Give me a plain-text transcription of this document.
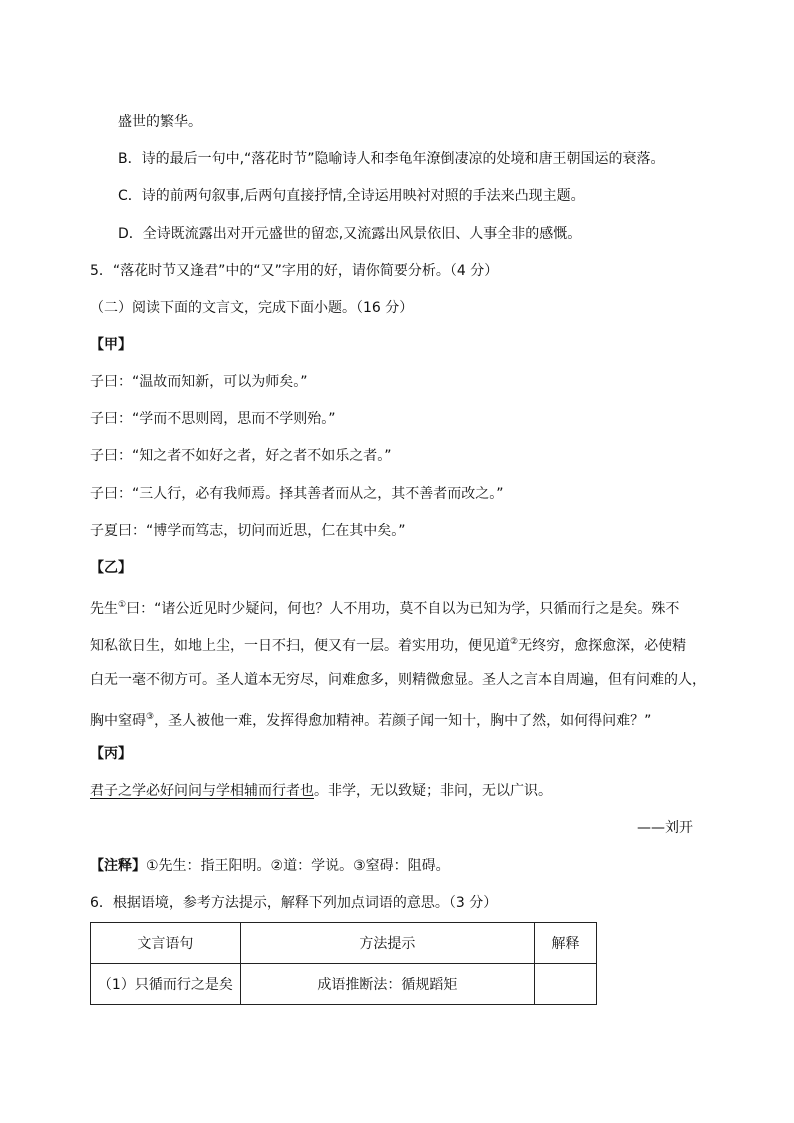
盛世的繁华。
B．诗的最后一句中,“落花时节”隐喻诗人和李龟年潦倒凄凉的处境和唐王朝国运的衰落。
C．诗的前两句叙事,后两句直接抒情,全诗运用映衬对照的手法来凸现主题。
D．全诗既流露出对开元盛世的留恋,又流露出风景依旧、人事全非的感慨。
5．“落花时节又逢君”中的“又”字用的好，请你简要分析。（4 分）
（二）阅读下面的文言文，完成下面小题。（16 分）
【甲】
子曰：“温故而知新，可以为师矣。”
子曰：“学而不思则罔，思而不学则殆。”
子曰：“知之者不如好之者，好之者不如乐之者。”
子曰：“三人行，必有我师焉。择其善者而从之，其不善者而改之。”
子夏曰：“博学而笃志，切问而近思，仁在其中矣。”
【乙】
先生①曰：“诸公近见时少疑问，何也？人不用功，莫不自以为已知为学，只循而行之是矣。殊不
知私欲日生，如地上尘，一日不扫，便又有一层。着实用功，便见道②无终穷，愈探愈深，必使精
白无一毫不彻方可。圣人道本无穷尽，问难愈多，则精微愈显。圣人之言本自周遍，但有问难的人，
胸中窒碍③，圣人被他一难，发挥得愈加精神。若颜子闻一知十，胸中了然，如何得问难？”
【丙】
君子之学必好问问与学相辅而行者也。非学，无以致疑；非问，无以广识。
——刘开
【注释】①先生：指王阳明。②道：学说。③窒碍：阻碍。
6．根据语境，参考方法提示，解释下列加点词语的意思。（3 分）
文言语句	方法提示	解释
（1）只循而行之是矣	成语推断法：循规蹈矩	
